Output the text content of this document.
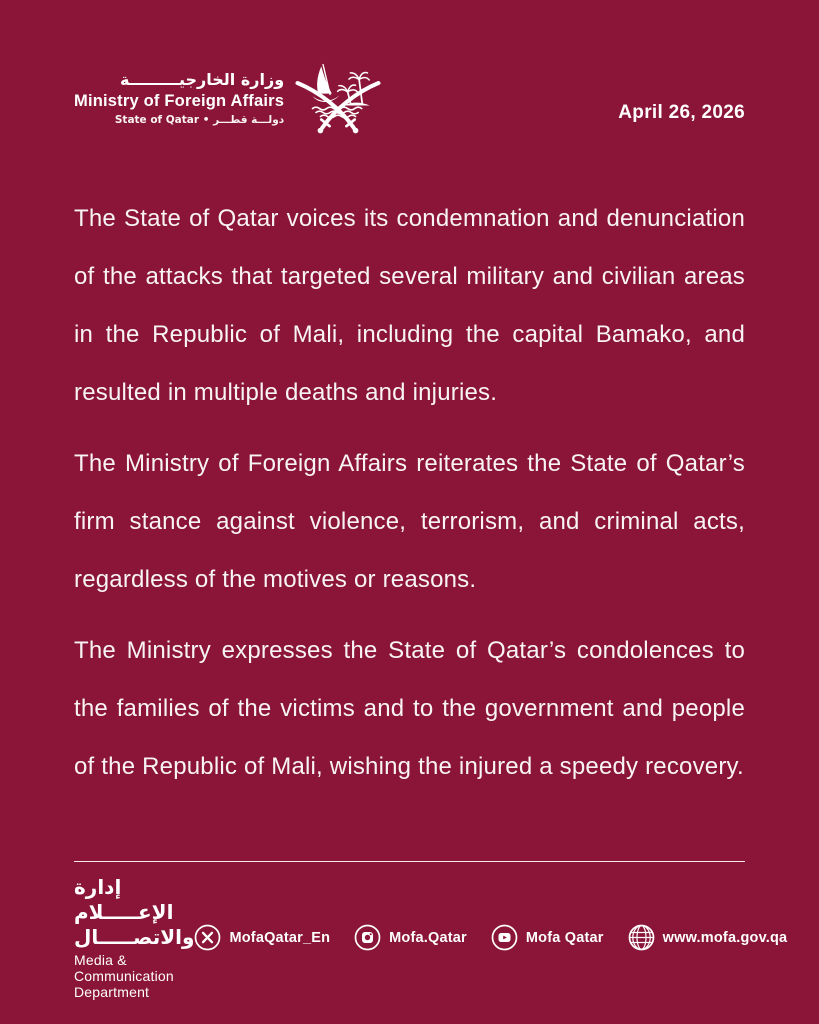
وزارة الخارجيـــــــــة
Ministry of Foreign Affairs
State of Qatar • دولـــة قطـــر	April 26, 2026

The State of Qatar voices its condemnation and denunciation of the attacks that targeted several military and civilian areas in the Republic of Mali, including the capital Bamako, and resulted in multiple deaths and injuries.

The Ministry of Foreign Affairs reiterates the State of Qatar’s firm stance against violence, terrorism, and criminal acts, regardless of the motives or reasons.

The Ministry expresses the State of Qatar’s condolences to the families of the victims and to the government and people of the Republic of Mali, wishing the injured a speedy recovery.

إدارة الإعـــــلام والاتصـــــال
Media & Communication Department
MofaQatar_En	Mofa.Qatar	Mofa Qatar	www.mofa.gov.qa
